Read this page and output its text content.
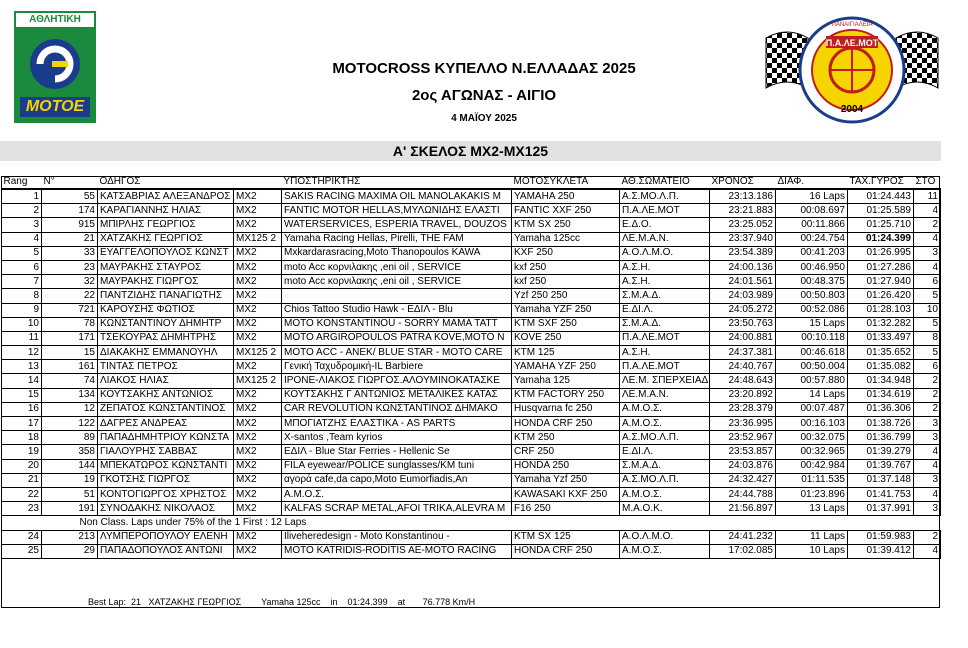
ΑΘΛΗΤΙΚΗ
MOTOE
Π.Α.ΛΕ.ΜΟΤ
ΠΑΝΑΙΓΙΑΛΕΙΑ
2004
MOTOCROSS ΚΥΠΕΛΛΟ Ν.ΕΛΛΑΔΑΣ 2025
2ος ΑΓΩΝΑΣ - ΑΙΓΙΟ
4 ΜΑΪΟΥ 2025
Α' ΣΚΕΛΟΣ MX2-MX125
Rang	N°	ΟΔΗΓΟΣ		ΥΠΟΣΤΗΡΙΚΤΗΣ	ΜΟΤΟΣΥΚΛΕΤΑ	ΑΘ.ΣΩΜΑΤΕΙΟ	ΧΡΟΝΟΣ	ΔΙΑΦ.	ΤΑΧ.ΓΥΡΟΣ	ΣΤΟ
1	55	ΚΑΤΣΑΒΡΙΑΣ ΑΛΕΞΑΝΔΡΟΣ	MX2	SAKIS RACING MAXIMA OIL MANOLAKAKIS M	YAMAHA 250	Α.Σ.ΜΟ.Λ.Π.	23:13.186	16 Laps	01:24.443	11
2	174	ΚΑΡΑΓΙΑΝΝΗΣ ΗΛΙΑΣ	MX2	FANTIC MOTOR HELLAS,ΜΥΛΩΝΙΔΗΣ ΕΛΑΣΤΙ	FANTIC XXF 250	Π.Α.ΛΕ.ΜΟΤ	23:21.883	00:08.697	01:25.589	4
3	915	ΜΠΙΡΛΗΣ ΓΕΩΡΓΙΟΣ	MX2	WATERSERVICES, ESPERIA TRAVEL, DOUZOS	KTM SX 250	Ε.Δ.Ο.	23:25.052	00:11.866	01:25.710	2
4	21	ΧΑΤΖΑΚΗΣ ΓΕΩΡΓΙΟΣ	MX125 2	Yamaha Racing Hellas, Pirelli, THE FAM	Yamaha 125cc	ΛΕ.Μ.Α.Ν.	23:37.940	00:24.754	01:24.399	4
5	33	ΕΥΑΓΓΕΛΟΠΟΥΛΟΣ ΚΩΝΣΤ	MX2	Mxkardarasracing,Moto Thanopoulos KAWA	KXF 250	Α.Ο.Λ.Μ.Ο.	23:54.389	00:41.203	01:26.995	3
6	23	ΜΑΥΡΑΚΗΣ ΣΤΑΥΡΟΣ	MX2	moto Acc κορνιλακης ,eni oil , SERVICE	kxf 250	Α.Σ.Η.	24:00.136	00:46.950	01:27.286	4
7	32	ΜΑΥΡΑΚΗΣ ΓΙΩΡΓΟΣ	MX2	moto Acc κορνιλακης ,eni oil , SERVICE	kxf 250	Α.Σ.Η.	24:01.561	00:48.375	01:27.940	6
8	22	ΠΑΝΤΖΙΔΗΣ ΠΑΝΑΓΙΩΤΗΣ	MX2		Yzf 250 250	Σ.Μ.Α.Δ.	24:03.989	00:50.803	01:26.420	5
9	721	ΚΑΡΟΥΣΗΣ ΦΩΤΙΟΣ	MX2	Chios Tattoo Studio Hawk - ΕΔΙΛ - Blu	Yamaha YZF 250	Ε.ΔΙ.Λ.	24:05.272	00:52.086	01:28.103	10
10	78	ΚΩΝΣΤΑΝΤΙΝΟΥ ΔΗΜΗΤΡ	MX2	MOTO KONSTANTINOU - SORRY MAMA TATT	KTM SXF 250	Σ.Μ.Α.Δ.	23:50.763	15 Laps	01:32.282	5
11	171	ΤΣΕΚΟΥΡΑΣ ΔΗΜΗΤΡΗΣ	MX2	MOTO ARGIROPOULOS PATRA KOVE,MOTO N	KOVE 250	Π.Α.ΛΕ.ΜΟΤ	24:00.881	00:10.118	01:33.497	8
12	15	ΔΙΑΚΑΚΗΣ ΕΜΜΑΝΟΥΗΛ	MX125 2	MOTO ACC - ANEK/ BLUE STAR - MOTO CARE	KTM 125	Α.Σ.Η.	24:37.381	00:46.618	01:35.652	5
13	161	ΤΙΝΤΑΣ ΠΕΤΡΟΣ	MX2	Γενική Ταχυδρομική-IL Barbiere	YAMAHA YZF 250	Π.Α.ΛΕ.ΜΟΤ	24:40.767	00:50.004	01:35.082	6
14	74	ΛΙΑΚΟΣ ΗΛΙΑΣ	MX125 2	ΙΡΟΝΕ-ΛΙΑΚΟΣ ΓΙΩΡΓΟΣ.ΑΛΟΥΜΙΝΟΚΑΤΑΣΚΕ	Yamaha 125	ΛΕ.Μ. ΣΠΕΡΧΕΙΑΔ	24:48.643	00:57.880	01:34.948	2
15	134	ΚΟΥΤΣΑΚΗΣ ΑΝΤΩΝΙΟΣ	MX2	ΚΟΥΤΣΑΚΗΣ Γ ΑΝΤΩΝΙΟΣ ΜΕΤΑΛΙΚΕΣ ΚΑΤΑΣ	KTM FACTORY 250	ΛΕ.Μ.Α.Ν.	23:20.892	14 Laps	01:34.619	2
16	12	ΖΕΠΑΤΟΣ ΚΩΝΣΤΑΝΤΙΝΟΣ	MX2	CAR REVOLUTION ΚΩΝΣΤΑΝΤΙΝΟΣ ΔΗΜΑΚΟ	Husqvarna fc 250	Α.Μ.Ο.Σ.	23:28.379	00:07.487	01:36.306	2
17	122	ΔΑΓΡΕΣ ΑΝΔΡΕΑΣ	MX2	ΜΠΟΓΙΑΤΖΗΣ ΕΛΑΣΤΙΚΑ - AS PARTS	HONDA CRF 250	Α.Μ.Ο.Σ.	23:36.995	00:16.103	01:38.726	3
18	89	ΠΑΠΑΔΗΜΗΤΡΙΟΥ ΚΩΝΣΤΑ	MX2	X-santos ,Team kyrios	KTM 250	Α.Σ.ΜΟ.Λ.Π.	23:52.967	00:32.075	01:36.799	3
19	358	ΓΙΑΛΟΥΡΗΣ ΣΑΒΒΑΣ	MX2	ΕΔΙΛ - Blue Star Ferries - Hellenic Se	CRF 250	Ε.ΔΙ.Λ.	23:53.857	00:32.965	01:39.279	4
20	144	ΜΠΕΚΑΤΩΡΟΣ ΚΩΝΣΤΑΝΤΙ	MX2	FILA eyewear/POLICE sunglasses/KM tuni	HONDA 250	Σ.Μ.Α.Δ.	24:03.876	00:42.984	01:39.767	4
21	19	ΓΚΟΤΣΗΣ ΓΙΩΡΓΟΣ	MX2	αγορά cafe,da capo,Moto Eumorfiadis,An	Yamaha Yzf 250	Α.Σ.ΜΟ.Λ.Π.	24:32.427	01:11.535	01:37.148	3
22	51	ΚΟΝΤΟΓΙΩΡΓΟΣ ΧΡΗΣΤΟΣ	MX2	Α.Μ.Ο.Σ.	KAWASAKI KXF 250	Α.Μ.Ο.Σ.	24:44.788	01:23.896	01:41.753	4
23	191	ΣΥΝΟΔΑΚΗΣ ΝΙΚΟΛΑΟΣ	MX2	KALFAS SCRAP METAL,AFOI TRIKA,ALEVRA M	F16 250	Μ.Α.Ο.Κ.	21:56.897	13 Laps	01:37.991	3
	Non Class. Laps under 75% of the 1 First : 12 Laps									
24	213	ΛΥΜΠΕΡΟΠΟΥΛΟΥ ΕΛΕΝΗ	MX2	Iliveheredesign - Moto Konstantinou -	KTM SX 125	Α.Ο.Λ.Μ.Ο.	24:41.232	11 Laps	01:59.983	2
25	29	ΠΑΠΑΔΟΠΟΥΛΟΣ ΑΝΤΩΝΙ	MX2	MOTO KATRIDIS-RODITIS AE-MOTO RACING	HONDA CRF 250	Α.Μ.Ο.Σ.	17:02.085	10 Laps	01:39.412	4
Best Lap:  21   ΧΑΤΖΑΚΗΣ ΓΕΩΡΓΙΟΣ        Yamaha 125cc    in    01:24.399    at       76.778 Km/H
